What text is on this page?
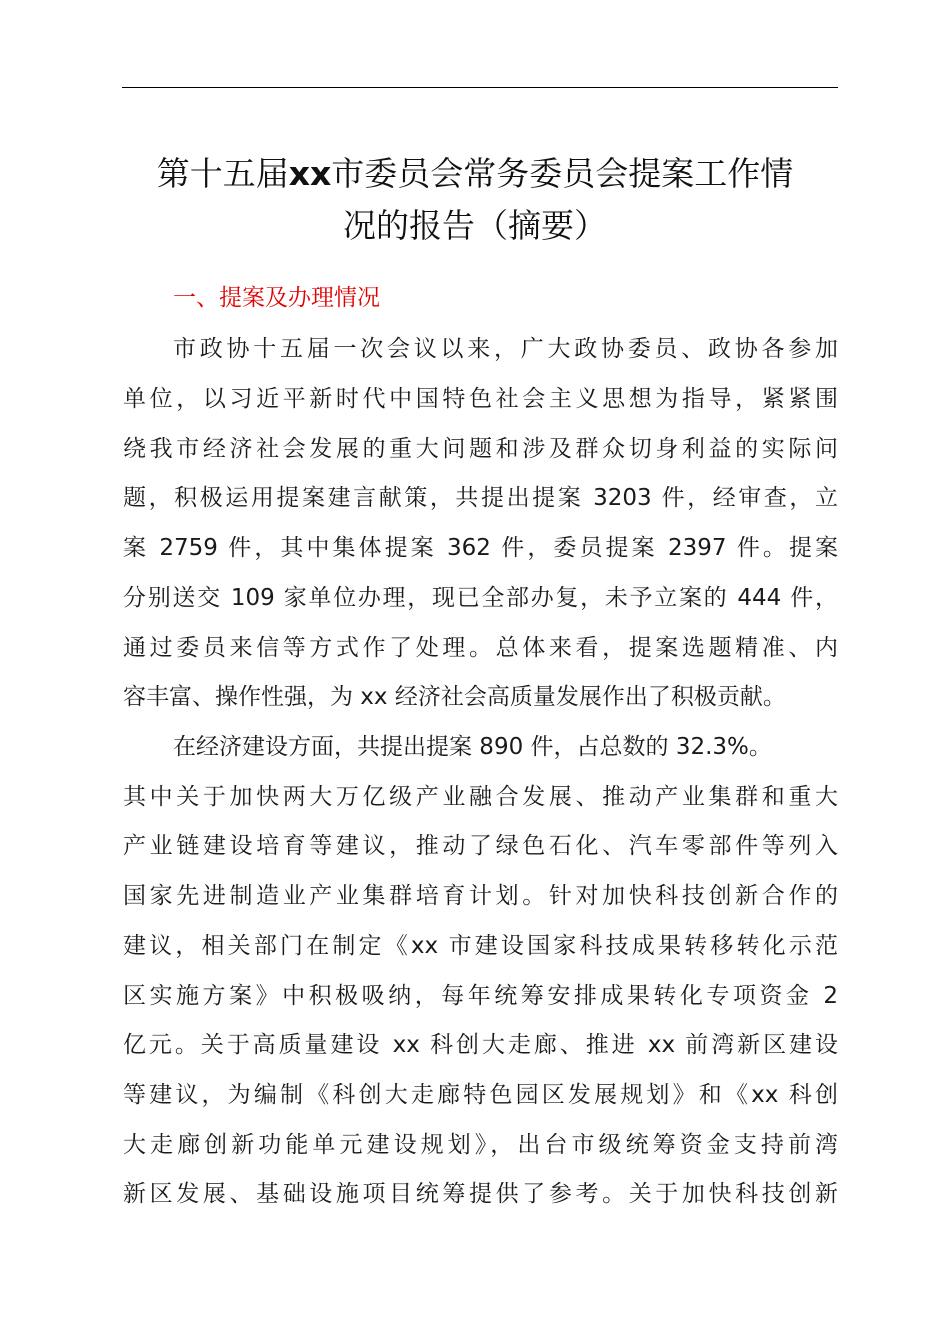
第十五届xx市委员会常务委员会提案工作情
况的报告（摘要）
一、提案及办理情况
市政协十五届一次会议以来，广大政协委员、政协各参加
单位，以习近平新时代中国特色社会主义思想为指导，紧紧围
绕我市经济社会发展的重大问题和涉及群众切身利益的实际问
题，积极运用提案建言献策，共提出提案 3203 件，经审查，立
案 2759 件，其中集体提案 362 件，委员提案 2397 件。提案
分别送交 109 家单位办理，现已全部办复，未予立案的 444 件，
通过委员来信等方式作了处理。总体来看，提案选题精准、内
容丰富、操作性强，为 xx 经济社会高质量发展作出了积极贡献。
在经济建设方面，共提出提案 890 件，占总数的 32.3%。
其中关于加快两大万亿级产业融合发展、推动产业集群和重大
产业链建设培育等建议，推动了绿色石化、汽车零部件等列入
国家先进制造业产业集群培育计划。针对加快科技创新合作的
建议，相关部门在制定《xx 市建设国家科技成果转移转化示范
区实施方案》中积极吸纳，每年统筹安排成果转化专项资金 2
亿元。关于高质量建设 xx 科创大走廊、推进 xx 前湾新区建设
等建议，为编制《科创大走廊特色园区发展规划》和《xx 科创
大走廊创新功能单元建设规划》，出台市级统筹资金支持前湾
新区发展、基础设施项目统筹提供了参考。关于加快科技创新
